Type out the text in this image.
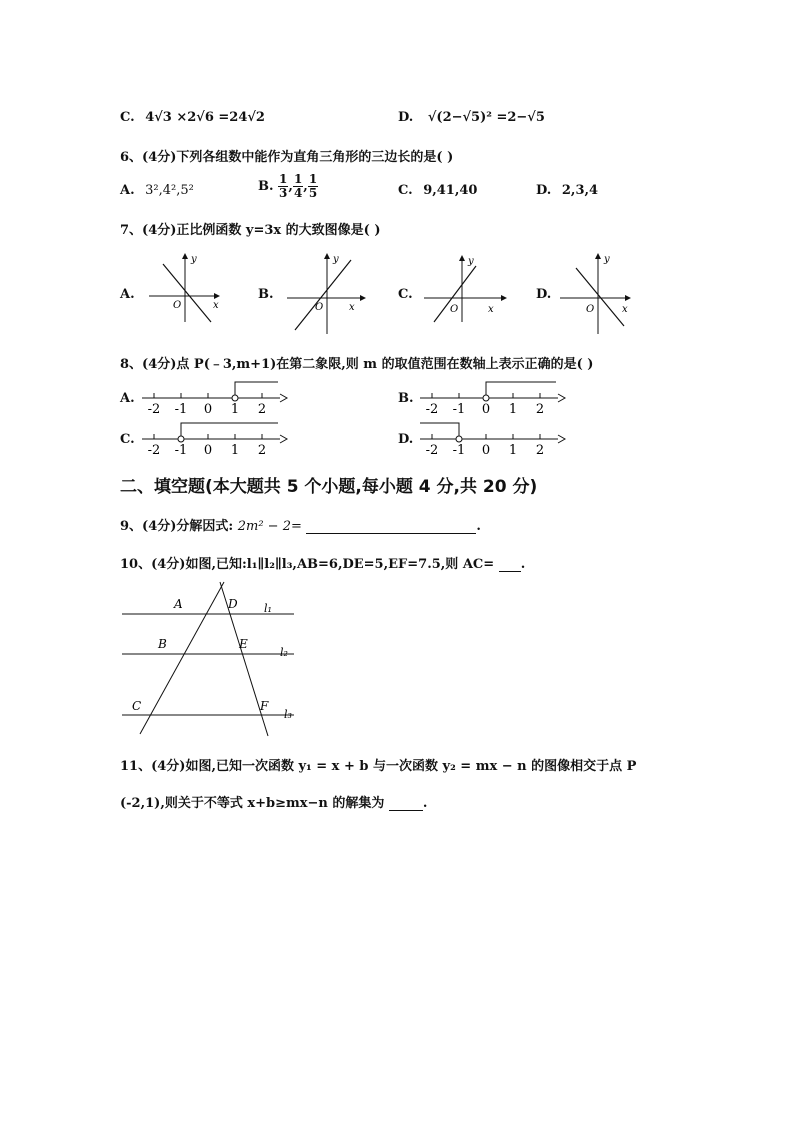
C. 4√3 ×2√6 =24√2	D. √(2−√5)² =2−√5
6、(4分)下列各组数中能作为直角三角形的三边长的是( )
A. 3²,4²,5²	B. $\frac{1}{3}$ , $\frac{1}{4}$ , $\frac{1}{5}$	C. 9,41,40	D. 2,3,4
7、(4分)正比例函数 y=3x 的大致图像是( )
A.
y
x
O
B.
y
x
O
C.
y
x
O
D.
y
x
O
8、(4分)点 P(﹣3,m+1)在第二象限,则 m 的取值范围在数轴上表示正确的是( )
A.	B.
C.	D.
-2 -1 0 1 2	-2 -1 0 1 2
-2 -1 0 1 2	-2 -1 0 1 2
二、填空题(本大题共 5 个小题,每小题 4 分,共 20 分)
9、(4分)分解因式: 2m² − 2=	.
10、(4分)如图,已知:l₁∥l₂∥l₃,AB=6,DE=5,EF=7.5,则 AC= .
A	D
B	E
C	F
l₁
l₂
l₃
11、(4分)如图,已知一次函数 y₁ = x + b 与一次函数 y₂ = mx − n 的图像相交于点 P
(-2,1),则关于不等式 x+b≥mx−n 的解集为	.
